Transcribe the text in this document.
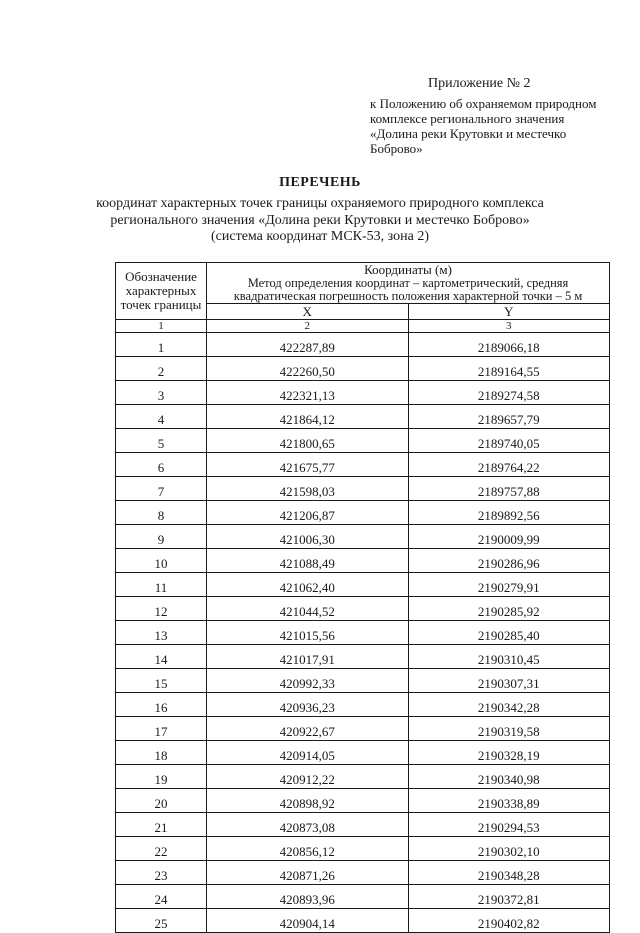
Приложение № 2

к Положению об охраняемом природном комплексе регионального значения «Долина реки Крутовки и местечко Боброво»

ПЕРЕЧЕНЬ

координат характерных точек границы охраняемого природного комплекса регионального значения «Долина реки Крутовки и местечко Боброво»

(система координат МСК-53, зона 2)

Обозначение характерных точек границы	Координаты (м)
Метод определения координат – картометрический, средняя квадратическая погрешность положения характерной точки – 5 м	

	X	Y
1	2	3
1	422287,89	2189066,18
2	422260,50	2189164,55
3	422321,13	2189274,58
4	421864,12	2189657,79
5	421800,65	2189740,05
6	421675,77	2189764,22
7	421598,03	2189757,88
8	421206,87	2189892,56
9	421006,30	2190009,99
10	421088,49	2190286,96
11	421062,40	2190279,91
12	421044,52	2190285,92
13	421015,56	2190285,40
14	421017,91	2190310,45
15	420992,33	2190307,31
16	420936,23	2190342,28
17	420922,67	2190319,58
18	420914,05	2190328,19
19	420912,22	2190340,98
20	420898,92	2190338,89
21	420873,08	2190294,53
22	420856,12	2190302,10
23	420871,26	2190348,28
24	420893,96	2190372,81
25	420904,14	2190402,82
